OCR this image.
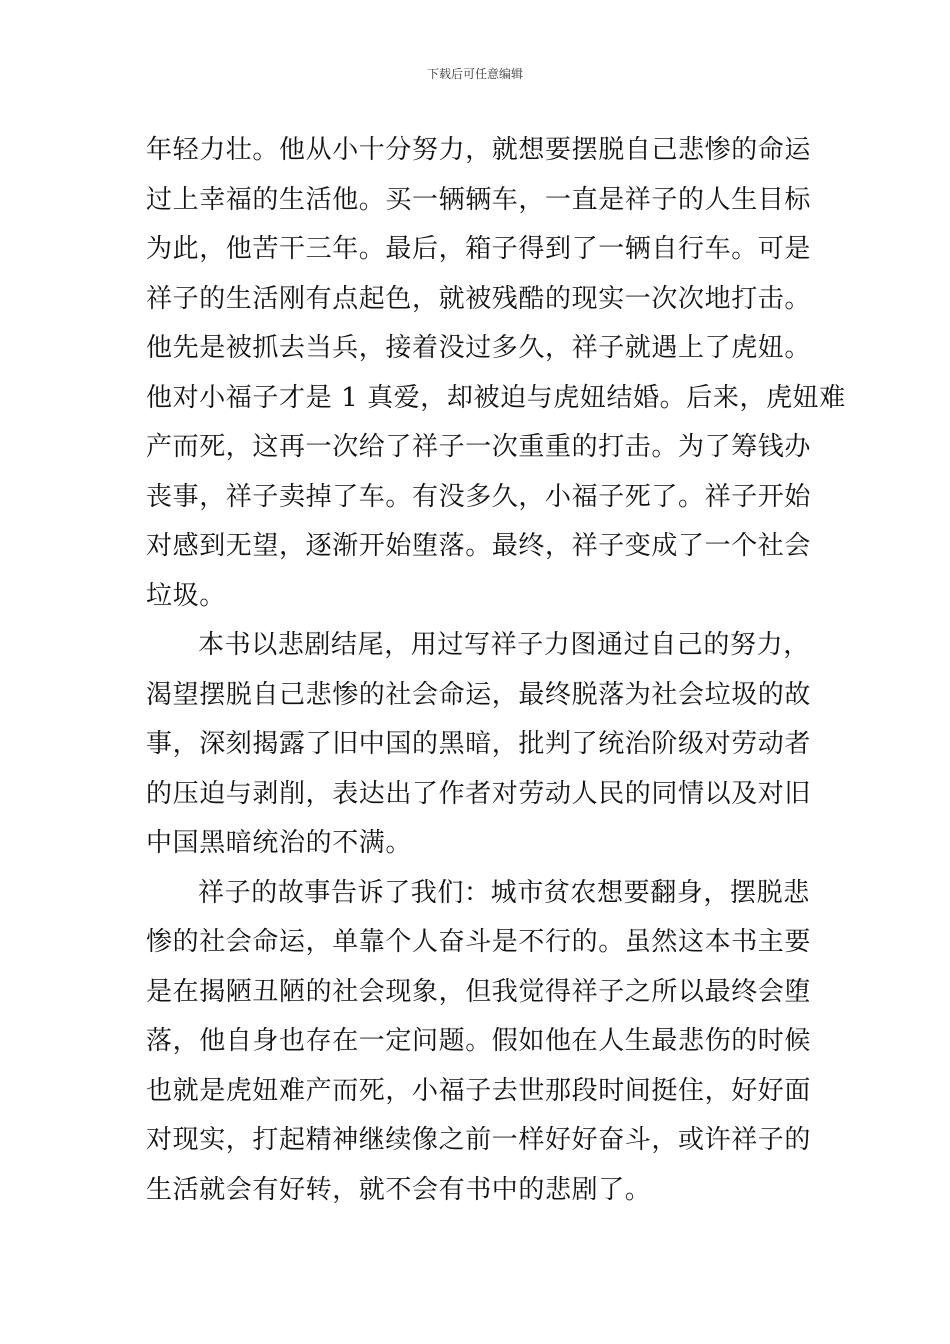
下载后可任意编辑
年轻力壮。他从小十分努力，就想要摆脱自己悲惨的命运
过上幸福的生活他。买一辆辆车，一直是祥子的人生目标
为此，他苦干三年。最后，箱子得到了一辆自行车。可是
祥子的生活刚有点起色，就被残酷的现实一次次地打击。
他先是被抓去当兵，接着没过多久，祥子就遇上了虎妞。
他对小福子才是 1 真爱，却被迫与虎妞结婚。后来，虎妞难
产而死，这再一次给了祥子一次重重的打击。为了筹钱办
丧事，祥子卖掉了车。有没多久，小福子死了。祥子开始
对感到无望，逐渐开始堕落。最终，祥子变成了一个社会
垃圾。
本书以悲剧结尾，用过写祥子力图通过自己的努力，
渴望摆脱自己悲惨的社会命运，最终脱落为社会垃圾的故
事，深刻揭露了旧中国的黑暗，批判了统治阶级对劳动者
的压迫与剥削，表达出了作者对劳动人民的同情以及对旧
中国黑暗统治的不满。
祥子的故事告诉了我们：城市贫农想要翻身，摆脱悲
惨的社会命运，单靠个人奋斗是不行的。虽然这本书主要
是在揭陋丑陋的社会现象，但我觉得祥子之所以最终会堕
落，他自身也存在一定问题。假如他在人生最悲伤的时候
也就是虎妞难产而死，小福子去世那段时间挺住，好好面
对现实，打起精神继续像之前一样好好奋斗，或许祥子的
生活就会有好转，就不会有书中的悲剧了。
